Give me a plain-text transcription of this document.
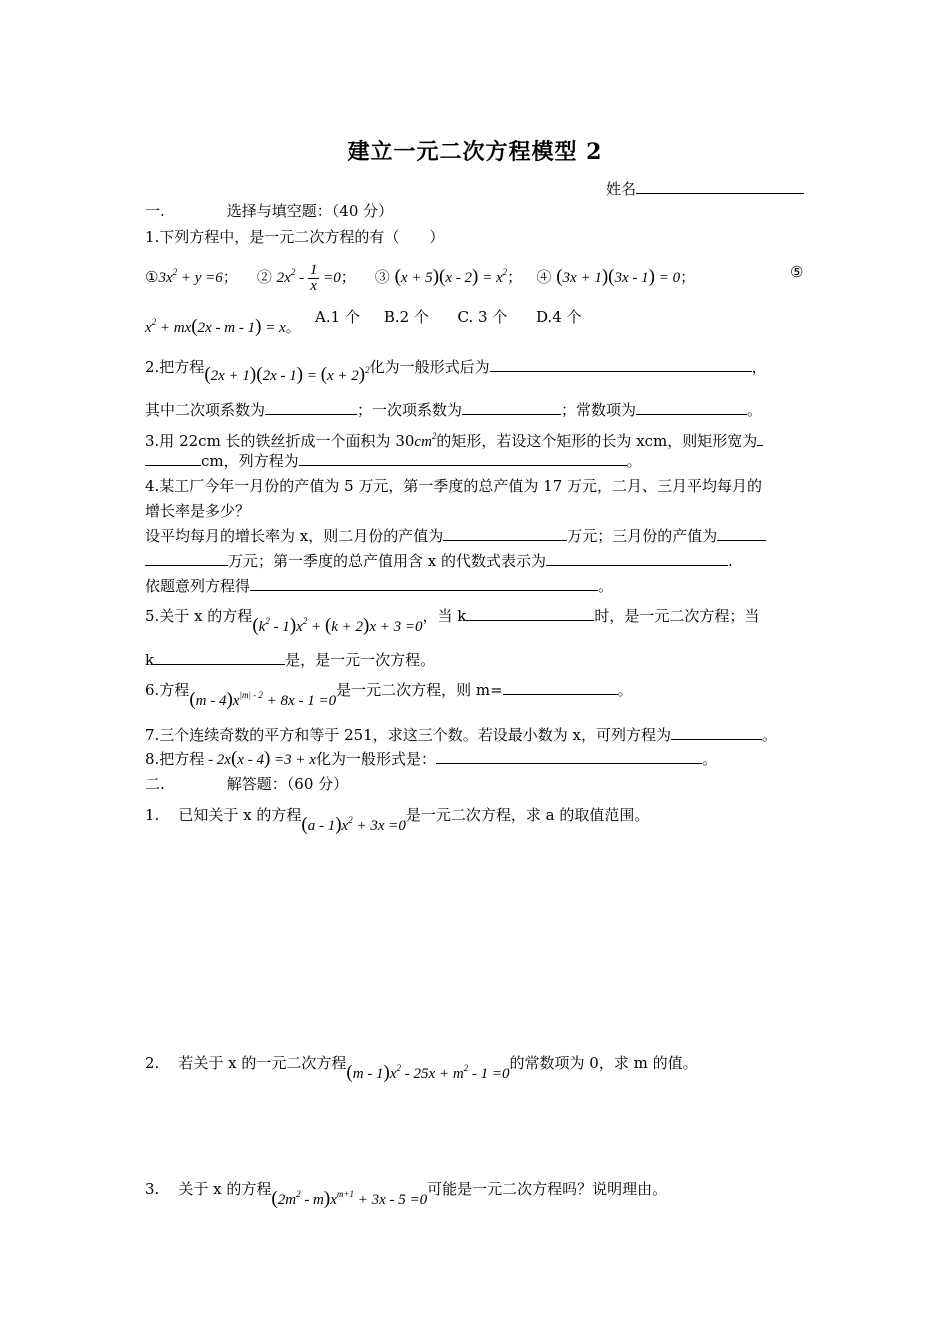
建立一元二次方程模型 2
姓名
一.	选择与填空题：（40 分）
1.下列方程中，是一元二次方程的有（　　）
$①3x^2 + y =6$；    ② $2x^2 - \frac{1}{x} =0$；    ③ $(x + 5)(x - 2) = x^2$；   ④ (3x + 1)(3x - 1) = 0；	⑤
$x^2 + mx(2x - m - 1) = x$。   A.1 个 B.2 个 C. 3 个 D.4 个
2.把方程$(2x + 1)(2x - 1) = (x + 2)^2$化为一般形式后为	，
其中二次项系数为	；一次项系数为	；常数项为	。
3.用 22cm 长的铁丝折成一个面积为 $30cm^2$的矩形，若设这个矩形的长为 xcm，则矩形宽为
cm，列方程为	。
4.某工厂今年一月份的产值为 5 万元，第一季度的总产值为 17 万元，二月、三月平均每月的
增长率是多少？
设平均每月的增长率为 x，则二月份的产值为	万元；三月份的产值为
万元；第一季度的总产值用含 x 的代数式表示为	.
依题意列方程得	。
5.关于 x 的方程$(k^2 - 1)x^2 + (k + 2)x + 3 =0$，当 k	时，是一元二次方程；当
k	是，是一元一次方程。
6.方程$(m - 4)x^{|m| - 2} + 8x - 1 =0$是一元二次方程，则 m=	。
7.三个连续奇数的平方和等于 251，求这三个数。若设最小数为 x，可列方程为	。
8.把方程 - 2x(x - 4) =3 + x化为一般形式是：	。
二.	解答题：（60 分）
1. 已知关于 x 的方程$(a - 1)x^2 + 3x =0$是一元二次方程，求 a 的取值范围。
2. 若关于 x 的一元二次方程$(m - 1)x^2 - 25x + m^2 - 1 =0$的常数项为 0，求 m 的值。
3. 关于 x 的方程$(2m^2 - m)x^{m+1} + 3x - 5 =0$可能是一元二次方程吗？说明理由。
